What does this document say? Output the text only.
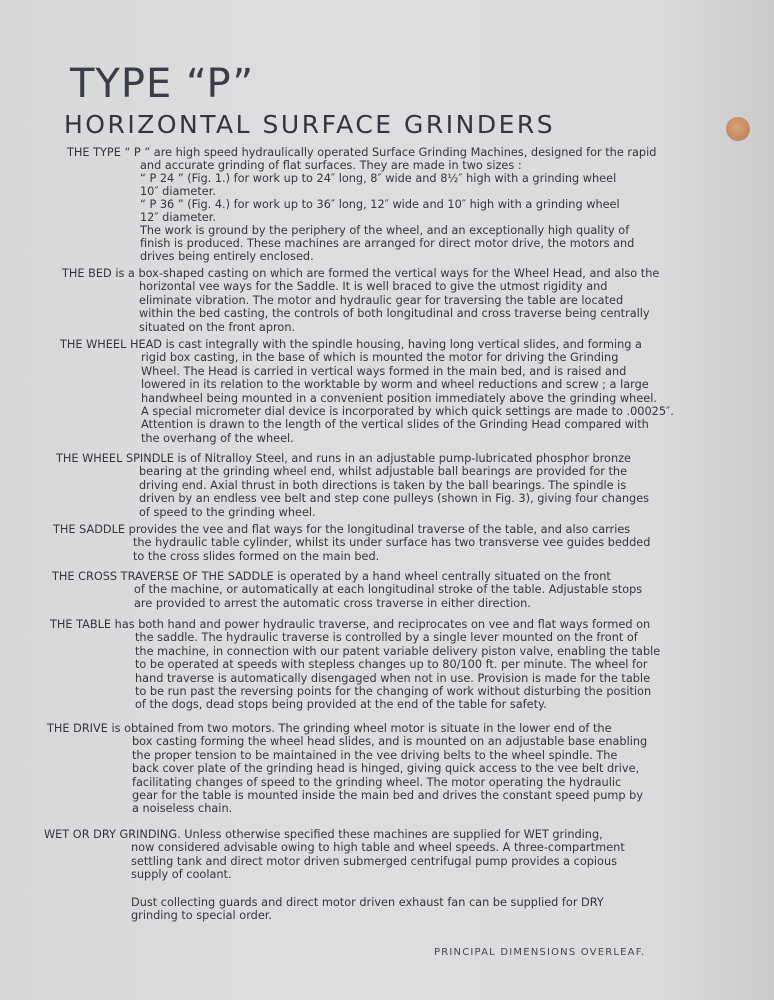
TYPE “P”
HORIZONTAL SURFACE GRINDERS
THE TYPE “ P ” are high speed hydraulically operated Surface Grinding Machines, designed for the rapid
and accurate grinding of flat surfaces. They are made in two sizes :
“ P 24 ” (Fig. 1.) for work up to 24″ long, 8″ wide and 8½″ high with a grinding wheel
10″ diameter.
“ P 36 ” (Fig. 4.) for work up to 36″ long, 12″ wide and 10″ high with a grinding wheel
12″ diameter.
The work is ground by the periphery of the wheel, and an exceptionally high quality of
finish is produced. These machines are arranged for direct motor drive, the motors and
drives being entirely enclosed.
THE BED is a box-shaped casting on which are formed the vertical ways for the Wheel Head, and also the
horizontal vee ways for the Saddle. It is well braced to give the utmost rigidity and
eliminate vibration. The motor and hydraulic gear for traversing the table are located
within the bed casting, the controls of both longitudinal and cross traverse being centrally
situated on the front apron.
THE WHEEL HEAD is cast integrally with the spindle housing, having long vertical slides, and forming a
rigid box casting, in the base of which is mounted the motor for driving the Grinding
Wheel. The Head is carried in vertical ways formed in the main bed, and is raised and
lowered in its relation to the worktable by worm and wheel reductions and screw ; a large
handwheel being mounted in a convenient position immediately above the grinding wheel.
A special micrometer dial device is incorporated by which quick settings are made to .00025″.
Attention is drawn to the length of the vertical slides of the Grinding Head compared with
the overhang of the wheel.
THE WHEEL SPINDLE is of Nitralloy Steel, and runs in an adjustable pump-lubricated phosphor bronze
bearing at the grinding wheel end, whilst adjustable ball bearings are provided for the
driving end. Axial thrust in both directions is taken by the ball bearings. The spindle is
driven by an endless vee belt and step cone pulleys (shown in Fig. 3), giving four changes
of speed to the grinding wheel.
THE SADDLE provides the vee and flat ways for the longitudinal traverse of the table, and also carries
the hydraulic table cylinder, whilst its under surface has two transverse vee guides bedded
to the cross slides formed on the main bed.
THE CROSS TRAVERSE OF THE SADDLE is operated by a hand wheel centrally situated on the front
of the machine, or automatically at each longitudinal stroke of the table. Adjustable stops
are provided to arrest the automatic cross traverse in either direction.
THE TABLE has both hand and power hydraulic traverse, and reciprocates on vee and flat ways formed on
the saddle. The hydraulic traverse is controlled by a single lever mounted on the front of
the machine, in connection with our patent variable delivery piston valve, enabling the table
to be operated at speeds with stepless changes up to 80/100 ft. per minute. The wheel for
hand traverse is automatically disengaged when not in use. Provision is made for the table
to be run past the reversing points for the changing of work without disturbing the position
of the dogs, dead stops being provided at the end of the table for safety.
THE DRIVE is obtained from two motors. The grinding wheel motor is situate in the lower end of the
box casting forming the wheel head slides, and is mounted on an adjustable base enabling
the proper tension to be maintained in the vee driving belts to the wheel spindle. The
back cover plate of the grinding head is hinged, giving quick access to the vee belt drive,
facilitating changes of speed to the grinding wheel. The motor operating the hydraulic
gear for the table is mounted inside the main bed and drives the constant speed pump by
a noiseless chain.
WET OR DRY GRINDING. Unless otherwise specified these machines are supplied for WET grinding,
now considered advisable owing to high table and wheel speeds. A three-compartment
settling tank and direct motor driven submerged centrifugal pump provides a copious
supply of coolant.
Dust collecting guards and direct motor driven exhaust fan can be supplied for DRY
grinding to special order.
PRINCIPAL DIMENSIONS OVERLEAF.
